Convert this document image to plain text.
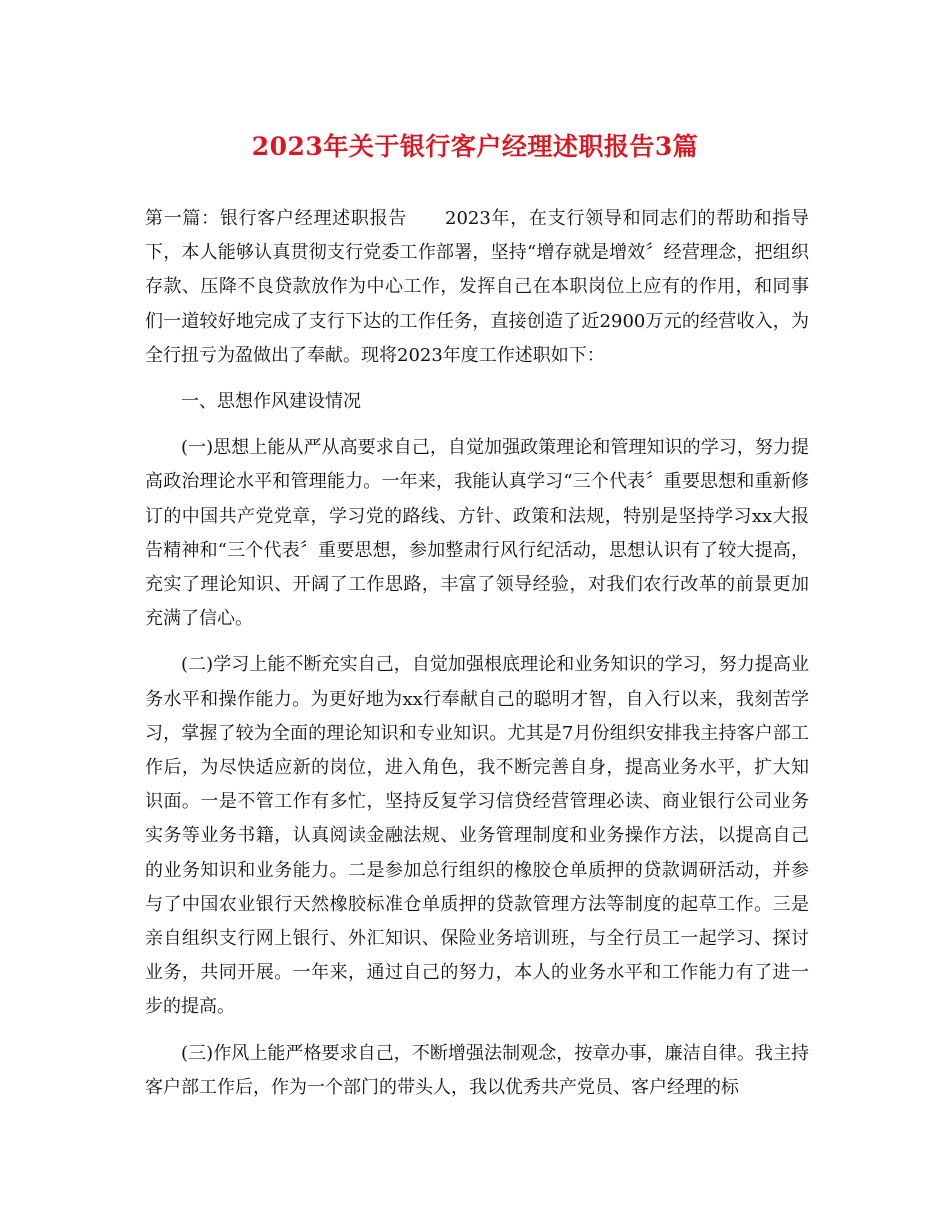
2023年关于银行客户经理述职报告3篇

第一篇：银行客户经理述职报告 2023年，在支行领导和同志们的帮助和指导下，本人能够认真贯彻支行党委工作部署，坚持“增存就是增效〞经营理念，把组织存款、压降不良贷款放作为中心工作，发挥自己在本职岗位上应有的作用，和同事们一道较好地完成了支行下达的工作任务，直接创造了近2900万元的经营收入，为全行扭亏为盈做出了奉献。现将2023年度工作述职如下：

一、思想作风建设情况

(一)思想上能从严从高要求自己，自觉加强政策理论和管理知识的学习，努力提高政治理论水平和管理能力。一年来，我能认真学习“三个代表〞重要思想和重新修订的中国共产党党章，学习党的路线、方针、政策和法规，特别是坚持学习xx大报告精神和“三个代表〞重要思想，参加整肃行风行纪活动，思想认识有了较大提高，充实了理论知识、开阔了工作思路，丰富了领导经验，对我们农行改革的前景更加充满了信心。

(二)学习上能不断充实自己，自觉加强根底理论和业务知识的学习，努力提高业务水平和操作能力。为更好地为xx行奉献自己的聪明才智，自入行以来，我刻苦学习，掌握了较为全面的理论知识和专业知识。尤其是7月份组织安排我主持客户部工作后，为尽快适应新的岗位，进入角色，我不断完善自身，提高业务水平，扩大知识面。一是不管工作有多忙，坚持反复学习信贷经营管理必读、商业银行公司业务实务等业务书籍，认真阅读金融法规、业务管理制度和业务操作方法，以提高自己的业务知识和业务能力。二是参加总行组织的橡胶仓单质押的贷款调研活动，并参与了中国农业银行天然橡胶标准仓单质押的贷款管理方法等制度的起草工作。三是亲自组织支行网上银行、外汇知识、保险业务培训班，与全行员工一起学习、探讨业务，共同开展。一年来，通过自己的努力，本人的业务水平和工作能力有了进一步的提高。

(三)作风上能严格要求自己，不断增强法制观念，按章办事，廉洁自律。我主持客户部工作后，作为一个部门的带头人，我以优秀共产党员、客户经理的标
